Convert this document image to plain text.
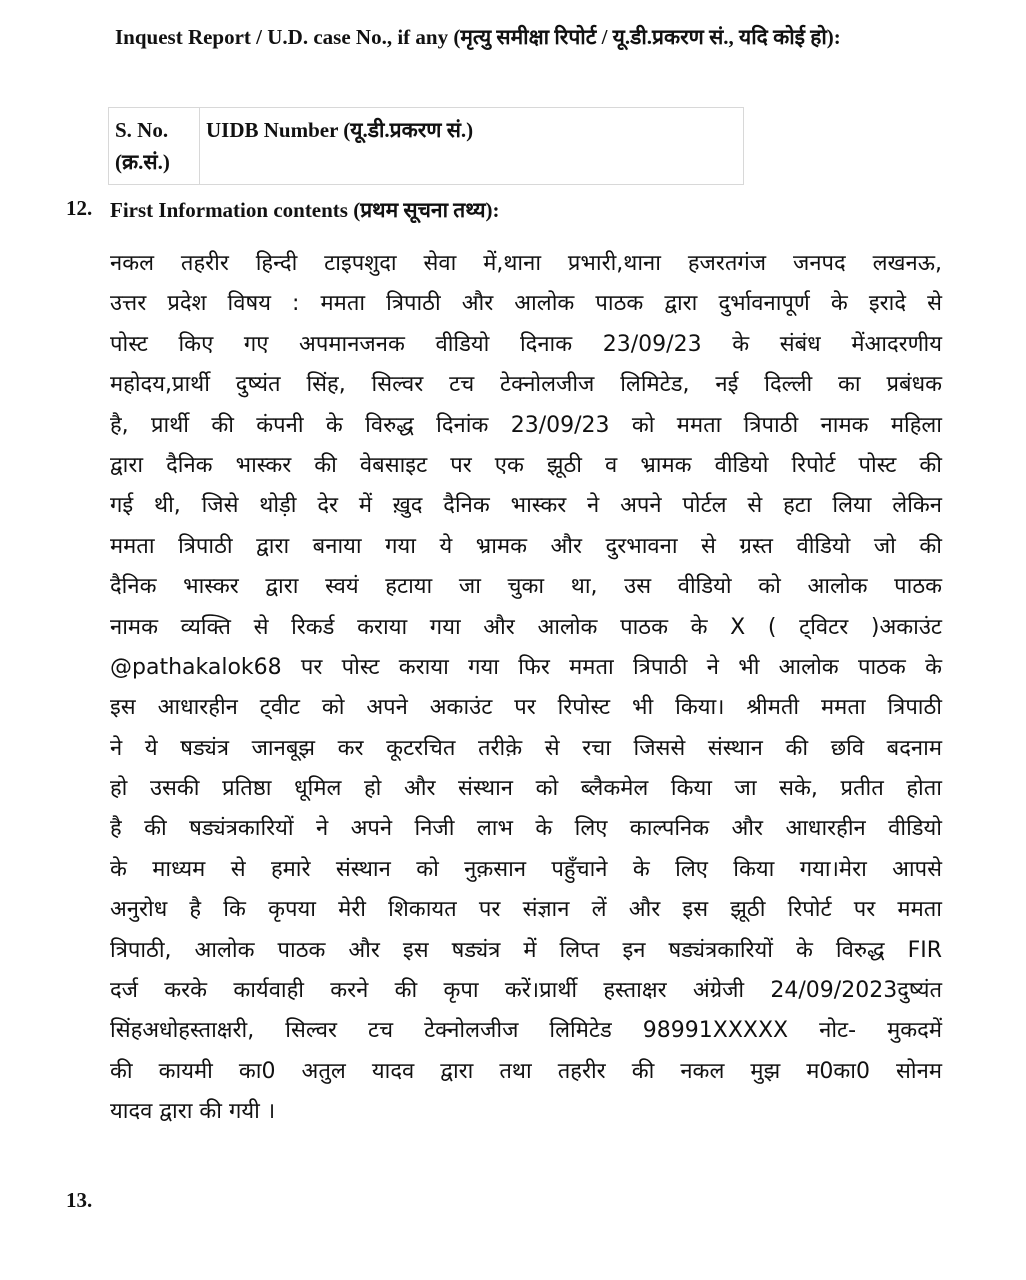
Inquest Report / U.D. case No., if any (मृत्यु समीक्षा रिपोर्ट / यू.डी.प्रकरण सं., यदि कोई हो):
S. No. (क्र.सं.)	UIDB Number (यू.डी.प्रकरण सं.)
12. First Information contents (प्रथम सूचना तथ्य):
नकल तहरीर हिन्दी टाइपशुदा सेवा में,थाना प्रभारी,थाना हजरतगंज जनपद लखनऊ,
उत्तर प्रदेश विषय : ममता त्रिपाठी और आलोक पाठक द्वारा दुर्भावनापूर्ण के इरादे से
पोस्ट किए गए अपमानजनक वीडियो दिनाक 23/09/23 के संबंध मेंआदरणीय
महोदय,प्रार्थी दुष्यंत सिंह, सिल्वर टच टेक्नोलजीज लिमिटेड, नई दिल्ली का प्रबंधक
है, प्रार्थी की कंपनी के विरुद्ध दिनांक 23/09/23 को ममता त्रिपाठी नामक महिला
द्वारा दैनिक भास्कर की वेबसाइट पर एक झूठी व भ्रामक वीडियो रिपोर्ट पोस्ट की
गई थी, जिसे थोड़ी देर में ख़ुद दैनिक भास्कर ने अपने पोर्टल से हटा लिया लेकिन
ममता त्रिपाठी द्वारा बनाया गया ये भ्रामक और दुरभावना से ग्रस्त वीडियो जो की
दैनिक भास्कर द्वारा स्वयं हटाया जा चुका था, उस वीडियो को आलोक पाठक
नामक व्यक्ति से रिकर्ड कराया गया और आलोक पाठक के X ( ट्विटर )अकाउंट
@pathakalok68 पर पोस्ट कराया गया फिर ममता त्रिपाठी ने भी आलोक पाठक के
इस आधारहीन ट्वीट को अपने अकाउंट पर रिपोस्ट भी किया। श्रीमती ममता त्रिपाठी
ने ये षड्यंत्र जानबूझ कर कूटरचित तरीक़े से रचा जिससे संस्थान की छवि बदनाम
हो उसकी प्रतिष्ठा धूमिल हो और संस्थान को ब्लैकमेल किया जा सके, प्रतीत होता
है की षड्यंत्रकारियों ने अपने निजी लाभ के लिए काल्पनिक और आधारहीन वीडियो
के माध्यम से हमारे संस्थान को नुक़सान पहुँचाने के लिए किया गया।मेरा आपसे
अनुरोध है कि कृपया मेरी शिकायत पर संज्ञान लें और इस झूठी रिपोर्ट पर ममता
त्रिपाठी, आलोक पाठक और इस षड्यंत्र में लिप्त इन षड्यंत्रकारियों के विरुद्ध FIR
दर्ज करके कार्यवाही करने की कृपा करें।प्रार्थी हस्ताक्षर अंग्रेजी 24/09/2023दुष्यंत
सिंहअधोहस्ताक्षरी, सिल्वर टच टेक्नोलजीज लिमिटेड 98991XXXXX नोट- मुकदमें
की कायमी का0 अतुल यादव द्वारा तथा तहरीर की नकल मुझ म0का0 सोनम
यादव द्वारा की गयी ।
13.
